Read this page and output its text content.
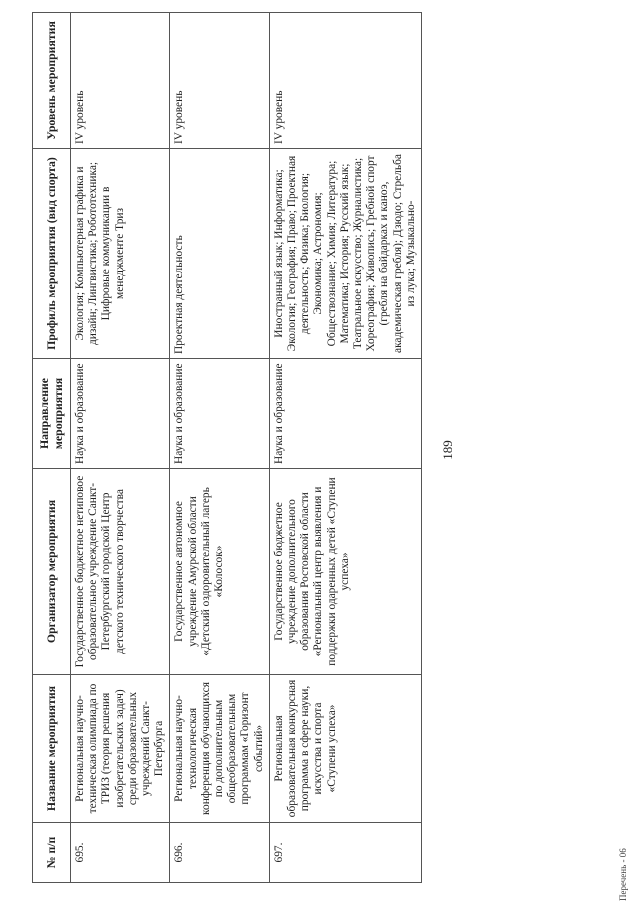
189
№ п/п	Название мероприятия	Организатор мероприятия	Направление мероприятия	Профиль мероприятия (вид спорта)	Уровень мероприятия
695.	Региональная научно-техническая олимпиада по ТРИЗ (теория решения изобретательских задач) среди образовательных учреждений Санкт-Петербурга	Государственное бюджетное нетиповое образовательное учреждение Санкт-Петербургский городской Центр детского технического творчества	Наука и образование	Экология; Компьютерная графика и дизайн; Лингвистика; Робототехника; Цифровые коммуникации в менеджменте Триз	IV уровень
696.	Региональная научно-технологическая конференция обучающихся по дополнительным общеобразовательным программам «Горизонт событий»	Государственное автономное учреждение Амурской области «Детский оздоровительный лагерь «Колосок»	Наука и образование	Проектная деятельность	IV уровень
697.	Региональная образовательная конкурсная программа в сфере науки, искусства и спорта «Ступени успеха»	Государственное бюджетное учреждение дополнительного образования Ростовской области «Региональный центр выявления и поддержки одаренных детей «Ступени успеха»	Наука и образование	Иностранный язык; Информатика; Экология; География; Право; Проектная деятельность; Физика; Биология; Экономика; Астрономия; Обществознание; Химия; Литература; Математика; История; Русский язык; Театральное искусство; Журналистика; Хореография; Живопись; Гребной спорт (гребля на байдарках и каноэ, академическая гребля); Дзюдо; Стрельба из лука; Музыкально-	IV уровень
Перечень - 06
